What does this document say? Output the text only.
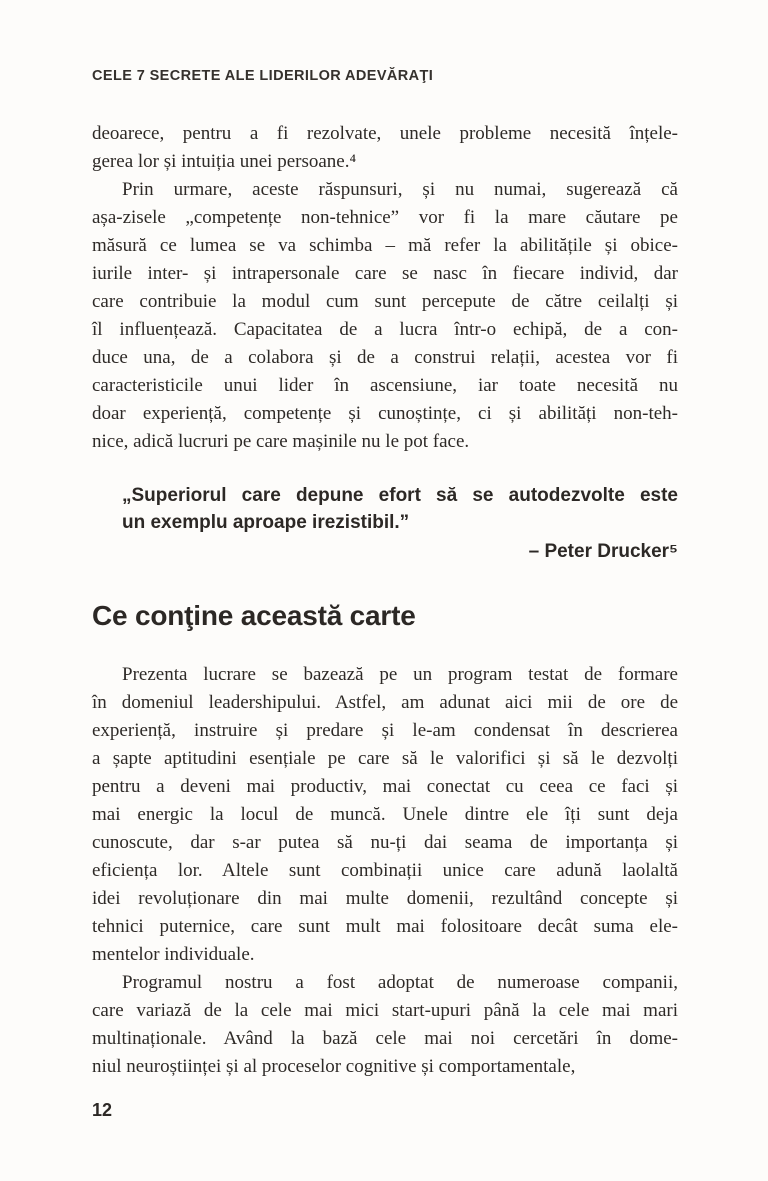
CELE 7 SECRETE ALE LIDERILOR ADEVĂRAŢI
deoarece, pentru a fi rezolvate, unele probleme necesită înțele-
gerea lor și intuiția unei persoane.⁴
Prin urmare, aceste răspunsuri, și nu numai, sugerează că
așa-zisele „competențe non-tehnice” vor fi la mare căutare pe
măsură ce lumea se va schimba – mă refer la abilitățile și obice-
iurile inter- și intrapersonale care se nasc în fiecare individ, dar
care contribuie la modul cum sunt percepute de către ceilalți și
îl influențează. Capacitatea de a lucra într-o echipă, de a con-
duce una, de a colabora și de a construi relații, acestea vor fi
caracteristicile unui lider în ascensiune, iar toate necesită nu
doar experiență, competențe și cunoștințe, ci și abilități non-teh-
nice, adică lucruri pe care mașinile nu le pot face.
„Superiorul care depune efort să se autodezvolte este
un exemplu aproape irezistibil.”
– Peter Drucker⁵
Ce conţine această carte
Prezenta lucrare se bazează pe un program testat de formare
în domeniul leadershipului. Astfel, am adunat aici mii de ore de
experiență, instruire și predare și le-am condensat în descrierea
a șapte aptitudini esențiale pe care să le valorifici și să le dezvolți
pentru a deveni mai productiv, mai conectat cu ceea ce faci și
mai energic la locul de muncă. Unele dintre ele îți sunt deja
cunoscute, dar s-ar putea să nu-ți dai seama de importanța și
eficiența lor. Altele sunt combinații unice care adună laolaltă
idei revoluționare din mai multe domenii, rezultând concepte și
tehnici puternice, care sunt mult mai folositoare decât suma ele-
mentelor individuale.
Programul nostru a fost adoptat de numeroase companii,
care variază de la cele mai mici start-upuri până la cele mai mari
multinaționale. Având la bază cele mai noi cercetări în dome-
niul neuroștiinței și al proceselor cognitive și comportamentale,
12
